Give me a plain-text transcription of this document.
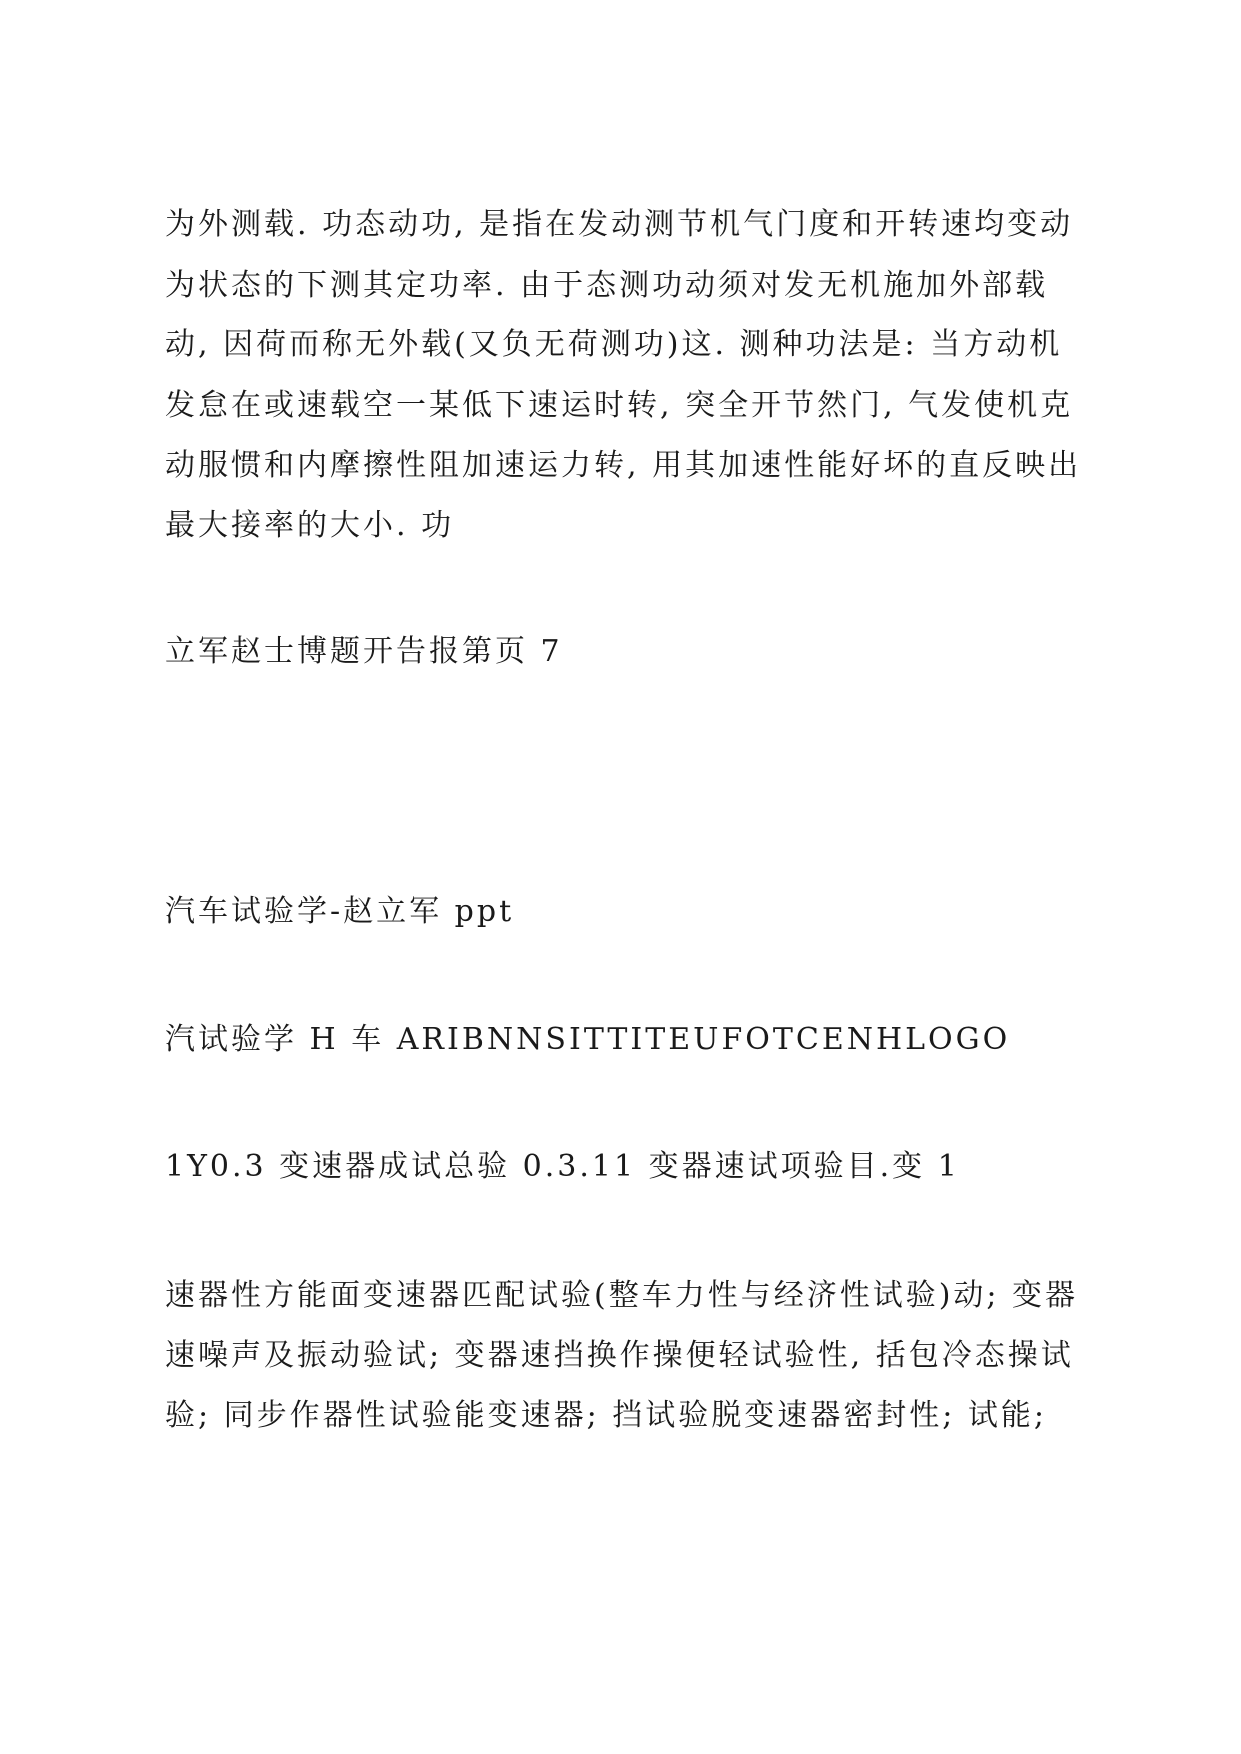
为外测载. 功态动功, 是指在发动测节机气门度和开转速均变动
为状态的下测其定功率. 由于态测功动须对发无机施加外部载
动, 因荷而称无外载(又负无荷测功)这. 测种功法是: 当方动机
发怠在或速载空一某低下速运时转, 突全开节然门, 气发使机克
动服惯和内摩擦性阻加速运力转, 用其加速性能好坏的直反映出
最大接率的大小. 功
立军赵士博题开告报第页 7
汽车试验学-赵立军 ppt
汽试验学 H 车 ARIBNNSITTITEUFOTCENHLOGO
1Y0.3 变速器成试总验 0.3.11 变器速试项验目.变 1
速器性方能面变速器匹配试验(整车力性与经济性试验)动; 变器
速噪声及振动验试; 变器速挡换作操便轻试验性, 括包冷态操试
验; 同步作器性试验能变速器; 挡试验脱变速器密封性; 试能;
